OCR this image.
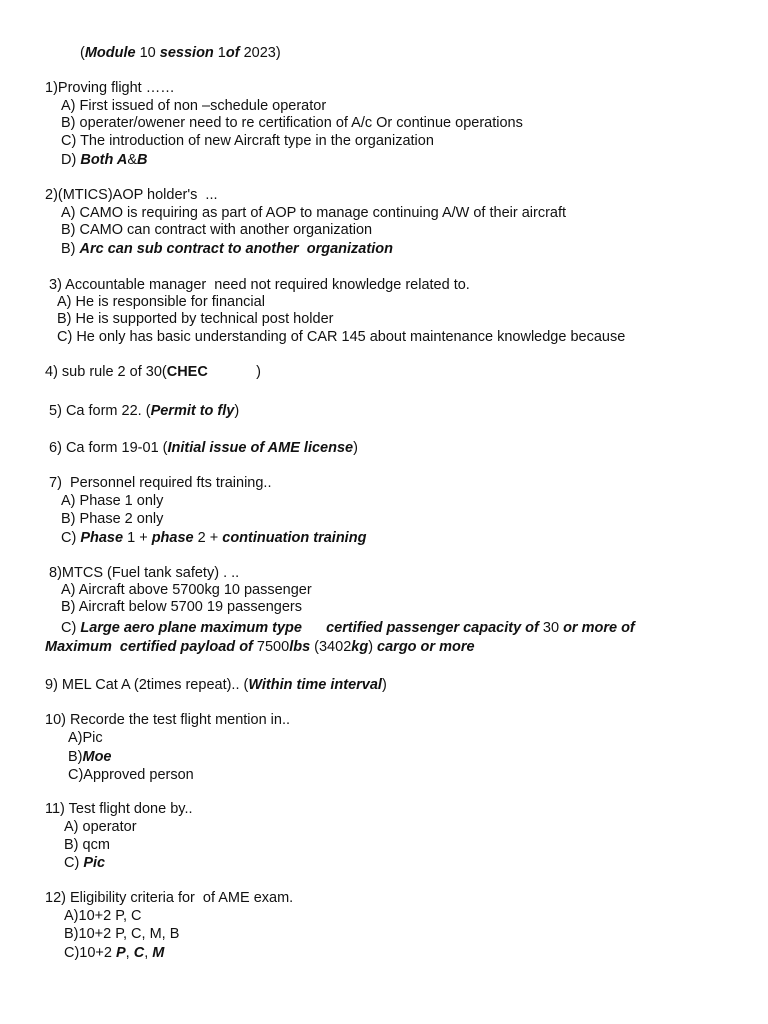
(Module 10 session 1of 2023)
1)Proving flight ……
A) First issued of non –schedule operator
B) operater/owener need to re certification of A/c Or continue operations
C) The introduction of new Aircraft type in the organization
D) Both A&B
2)(MTICS)AOP holder's  ...
A) CAMO is requiring as part of AOP to manage continuing A/W of their aircraft
B) CAMO can contract with another organization
B) Arc can sub contract to another  organization
3) Accountable manager  need not required knowledge related to.
A) He is responsible for financial
B) He is supported by technical post holder
C) He only has basic understanding of CAR 145 about maintenance knowledge because
4) sub rule 2 of 30(CHEC            )
5) Ca form 22. (Permit to fly)
6) Ca form 19-01 (Initial issue of AME license)
7)  Personnel required fts training..
A) Phase 1 only
B) Phase 2 only
C) Phase 1 + phase 2 + continuation training
8)MTCS (Fuel tank safety) . ..
A) Aircraft above 5700kg 10 passenger
B) Aircraft below 5700 19 passengers
C) Large aero plane maximum type      certified passenger capacity of 30 or more of
Maximum  certified payload of 7500lbs (3402kg) cargo or more
9) MEL Cat A (2times repeat).. (Within time interval)
10) Recorde the test flight mention in..
A)Pic
B)Moe
C)Approved person
11) Test flight done by..
A) operator
B) qcm
C) Pic
12) Eligibility criteria for  of AME exam.
A)10+2 P, C
B)10+2 P, C, M, B
C)10+2 P, C, M
